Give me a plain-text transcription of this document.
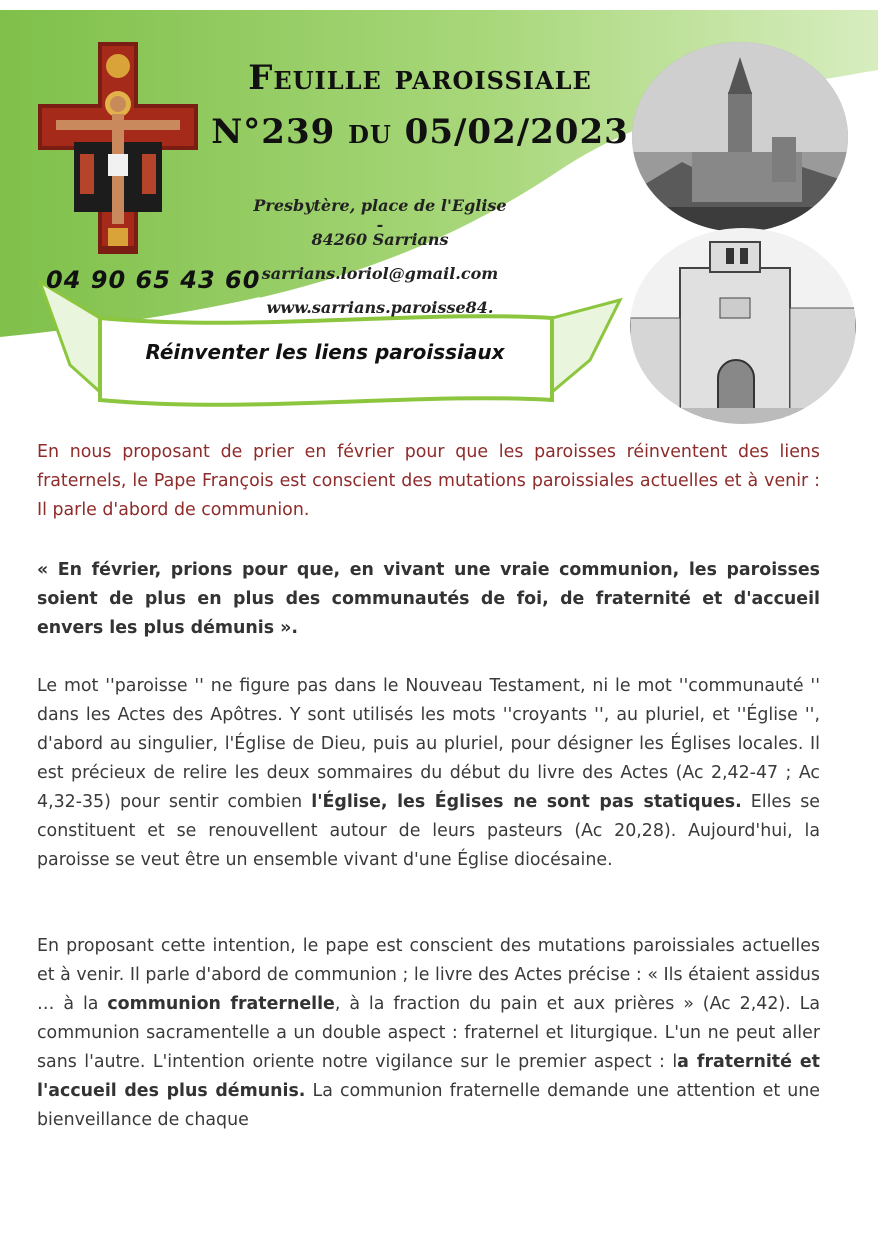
Feuille paroissiale
N°239 du 05/02/2023
Presbytère, place de l'Eglise -
84260 Sarrians
sarrians.loriol@gmail.com
www.sarrians.paroisse84.
04 90 65 43 60
Réinventer les liens paroissiaux

En nous proposant de prier en février pour que les paroisses réinventent des liens fraternels, le Pape François est conscient des mutations paroissiales actuelles et à venir : Il parle d'abord de communion.

« En février, prions pour que, en vivant une vraie communion, les paroisses soient de plus en plus des communautés de foi, de fraternité et d'accueil envers les plus démunis ».

Le mot ''paroisse '' ne figure pas dans le Nouveau Testament, ni le mot ''communauté '' dans les Actes des Apôtres. Y sont utilisés les mots ''croyants '', au pluriel, et ''Église '', d'abord au singulier, l'Église de Dieu, puis au pluriel, pour désigner les Églises locales. Il est précieux de relire les deux sommaires du début du livre des Actes (Ac 2,42-47 ; Ac 4,32-35) pour sentir combien l'Église, les Églises ne sont pas statiques. Elles se constituent et se renouvellent autour de leurs pasteurs (Ac 20,28). Aujourd'hui, la paroisse se veut être un ensemble vivant d'une Église diocésaine.

En proposant cette intention, le pape est conscient des mutations paroissiales actuelles et à venir. Il parle d'abord de communion ; le livre des Actes précise : « Ils étaient assidus … à la communion fraternelle, à la fraction du pain et aux prières » (Ac 2,42). La communion sacramentelle a un double aspect : fraternel et liturgique. L'un ne peut aller sans l'autre. L'intention oriente notre vigilance sur le premier aspect : la fraternité et l'accueil des plus démunis. La communion fraternelle demande une attention et une bienveillance de chaque
